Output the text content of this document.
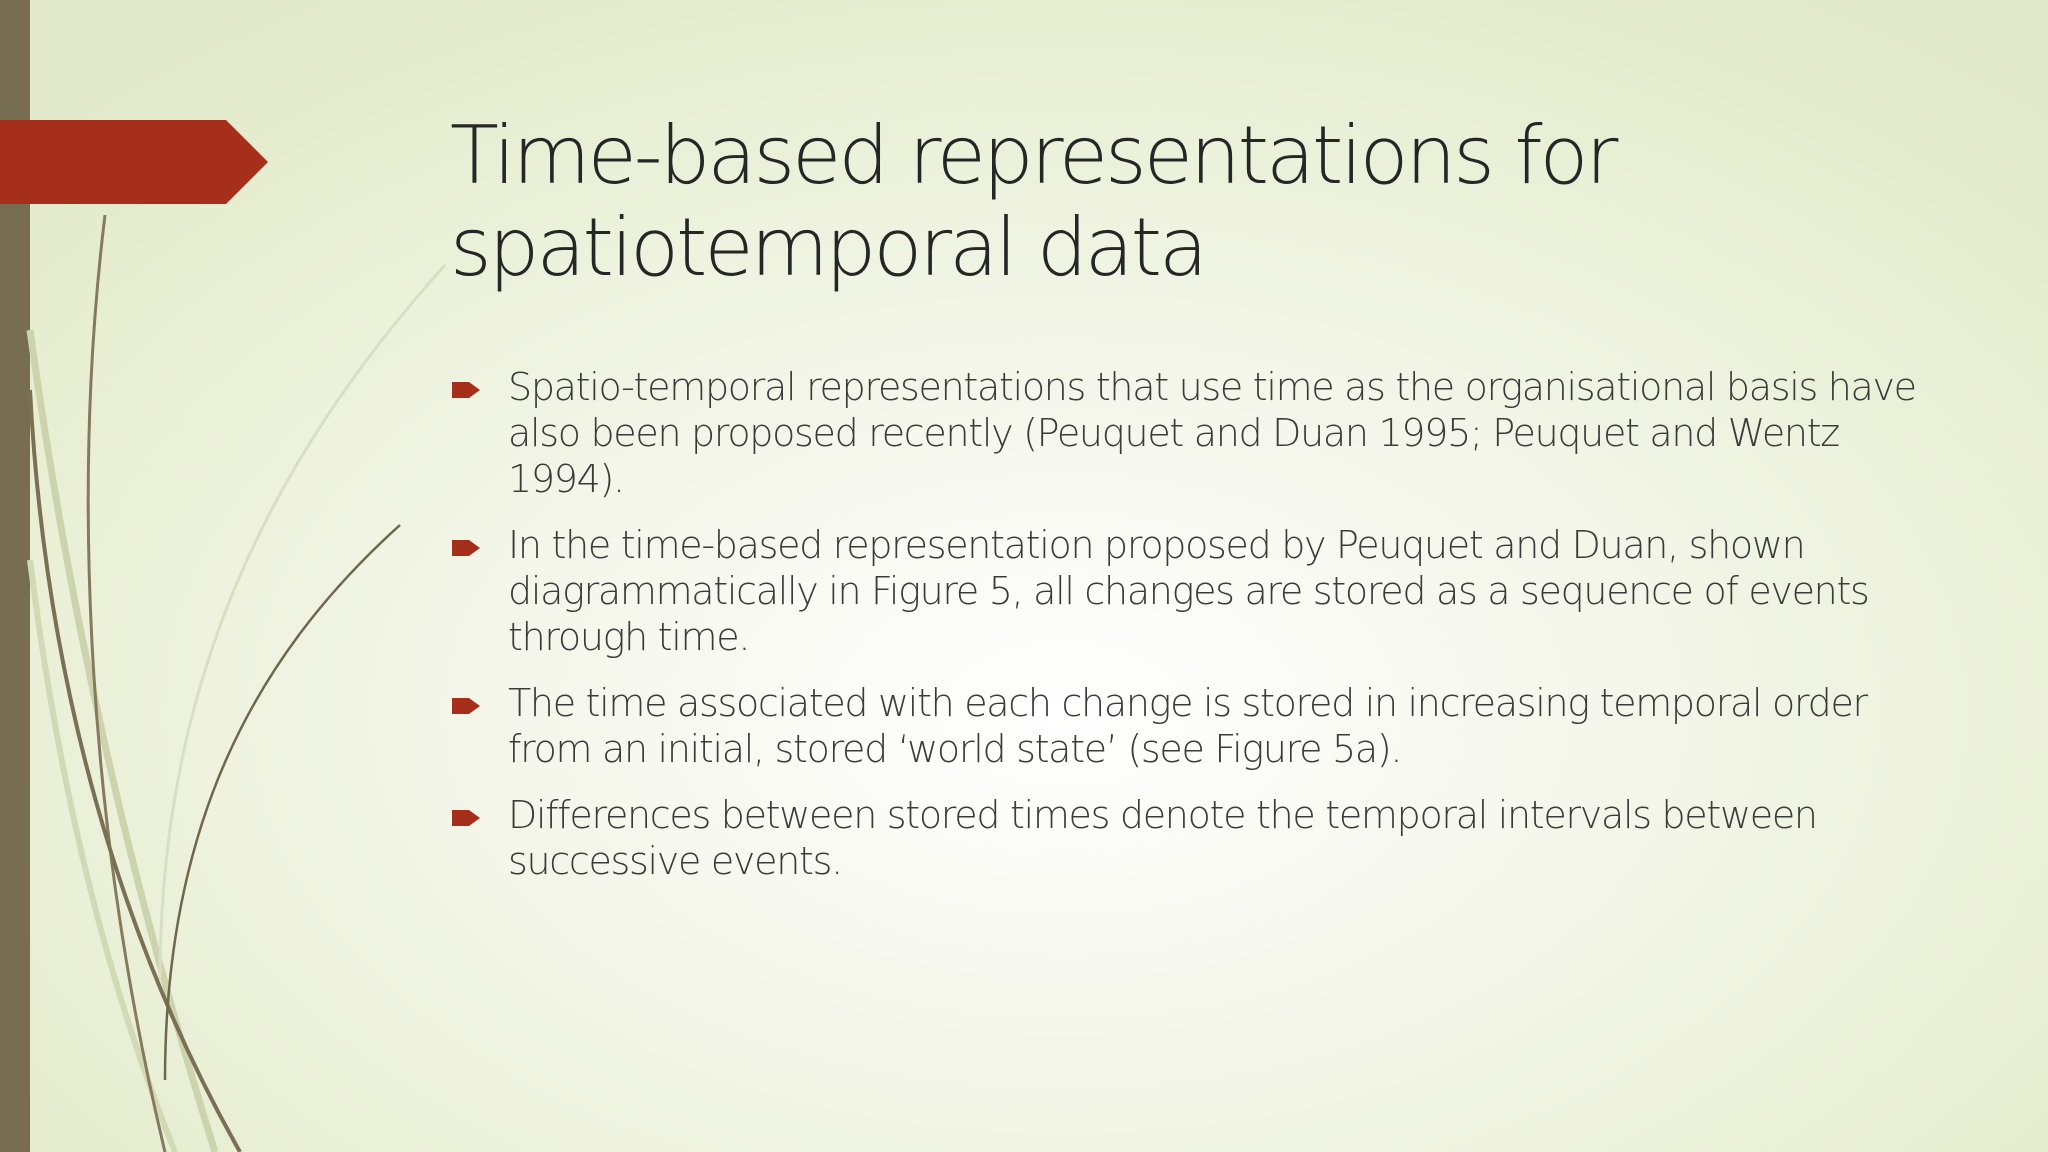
Time-based representations for
spatiotemporal data
Spatio-temporal representations that use time as the organisational basis have also been proposed recently (Peuquet and Duan 1995; Peuquet and Wentz 1994).
In the time-based representation proposed by Peuquet and Duan, shown diagrammatically in Figure 5, all changes are stored as a sequence of events through time.
The time associated with each change is stored in increasing temporal order from an initial, stored ‘world state’ (see Figure 5a).
Differences between stored times denote the temporal intervals between successive events.
